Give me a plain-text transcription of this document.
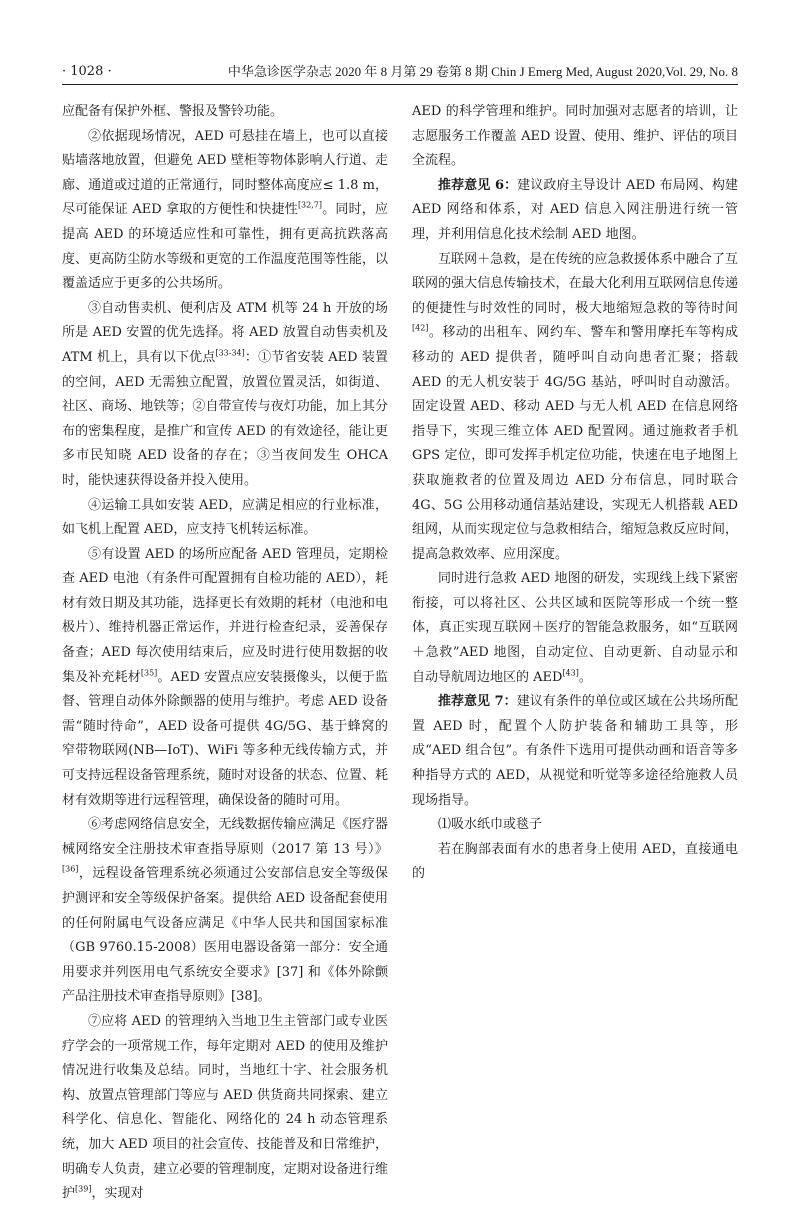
· 1028 ·	中华急诊医学杂志 2020 年 8 月第 29 卷第 8 期 Chin J Emerg Med, August 2020,Vol. 29, No. 8

应配备有保护外框、警报及警铃功能。

②依据现场情况，AED 可悬挂在墙上，也可以直接贴墙落地放置，但避免 AED 壁柜等物体影响人行道、走廊、通道或过道的正常通行，同时整体高度应≤ 1.8 m，尽可能保证 AED 拿取的方便性和快捷性[32,7]。同时，应提高 AED 的环境适应性和可靠性，拥有更高抗跌落高度、更高防尘防水等级和更宽的工作温度范围等性能，以覆盖适应于更多的公共场所。

③自动售卖机、便利店及 ATM 机等 24 h 开放的场所是 AED 安置的优先选择。将 AED 放置自动售卖机及 ATM 机上，具有以下优点[33-34]：①节省安装 AED 装置的空间，AED 无需独立配置，放置位置灵活，如街道、社区、商场、地铁等；②自带宣传与夜灯功能，加上其分布的密集程度，是推广和宣传 AED 的有效途径，能让更多市民知晓 AED 设备的存在；③当夜间发生 OHCA 时，能快速获得设备并投入使用。

④运输工具如安装 AED，应满足相应的行业标准，如飞机上配置 AED，应支持飞机转运标准。

⑤有设置 AED 的场所应配备 AED 管理员，定期检查 AED 电池（有条件可配置拥有自检功能的 AED），耗材有效日期及其功能，选择更长有效期的耗材（电池和电极片）、维持机器正常运作，并进行检查纪录，妥善保存备查；AED 每次使用结束后，应及时进行使用数据的收集及补充耗材[35]。AED 安置点应安装摄像头，以便于监督、管理自动体外除颤器的使用与维护。考虑 AED 设备需“随时待命”，AED 设备可提供 4G/5G、基于蜂窝的窄带物联网(NB—IoT)、WiFi 等多种无线传输方式，并可支持远程设备管理系统，随时对设备的状态、位置、耗材有效期等进行远程管理，确保设备的随时可用。

⑥考虑网络信息安全，无线数据传输应满足《医疗器械网络安全注册技术审查指导原则（2017 第 13 号）》[36]，远程设备管理系统必须通过公安部信息安全等级保护测评和安全等级保护备案。提供给 AED 设备配套使用的任何附属电气设备应满足《中华人民共和国国家标准（GB 9760.15-2008）医用电器设备第一部分：安全通用要求并列医用电气系统安全要求》[37] 和《体外除颤产品注册技术审查指导原则》[38]。

⑦应将 AED 的管理纳入当地卫生主管部门或专业医疗学会的一项常规工作，每年定期对 AED 的使用及维护情况进行收集及总结。同时，当地红十字、社会服务机构、放置点管理部门等应与 AED 供货商共同探索、建立科学化、信息化、智能化、网络化的 24 h 动态管理系统，加大 AED 项目的社会宣传、技能普及和日常维护，明确专人负责，建立必要的管理制度，定期对设备进行维护[39]，实现对

AED 的科学管理和维护。同时加强对志愿者的培训，让志愿服务工作覆盖 AED 设置、使用、维护、评估的项目全流程。

推荐意见 6：建议政府主导设计 AED 布局网、构建 AED 网络和体系，对 AED 信息入网注册进行统一管理，并利用信息化技术绘制 AED 地图。

互联网＋急救，是在传统的应急救援体系中融合了互联网的强大信息传输技术，在最大化利用互联网信息传递的便捷性与时效性的同时，极大地缩短急救的等待时间[42]。移动的出租车、网约车、警车和警用摩托车等构成移动的 AED 提供者，随呼叫自动向患者汇聚；搭载 AED 的无人机安装于 4G/5G 基站，呼叫时自动激活。固定设置 AED、移动 AED 与无人机 AED 在信息网络指导下，实现三维立体 AED 配置网。通过施救者手机 GPS 定位，即可发挥手机定位功能，快速在电子地图上获取施救者的位置及周边 AED 分布信息，同时联合 4G、5G 公用移动通信基站建设，实现无人机搭载 AED 组网，从而实现定位与急救相结合，缩短急救反应时间，提高急救效率、应用深度。

同时进行急救 AED 地图的研发，实现线上线下紧密衔接，可以将社区、公共区域和医院等形成一个统一整体，真正实现互联网＋医疗的智能急救服务，如“互联网＋急救”AED 地图，自动定位、自动更新、自动显示和自动导航周边地区的 AED[43]。

推荐意见 7：建议有条件的单位或区域在公共场所配置 AED 时，配置个人防护装备和辅助工具等，形成“AED 组合包”。有条件下选用可提供动画和语音等多种指导方式的 AED，从视觉和听觉等多途径给施救人员现场指导。

⑴吸水纸巾或毯子

若在胸部表面有水的患者身上使用 AED，直接通电的
